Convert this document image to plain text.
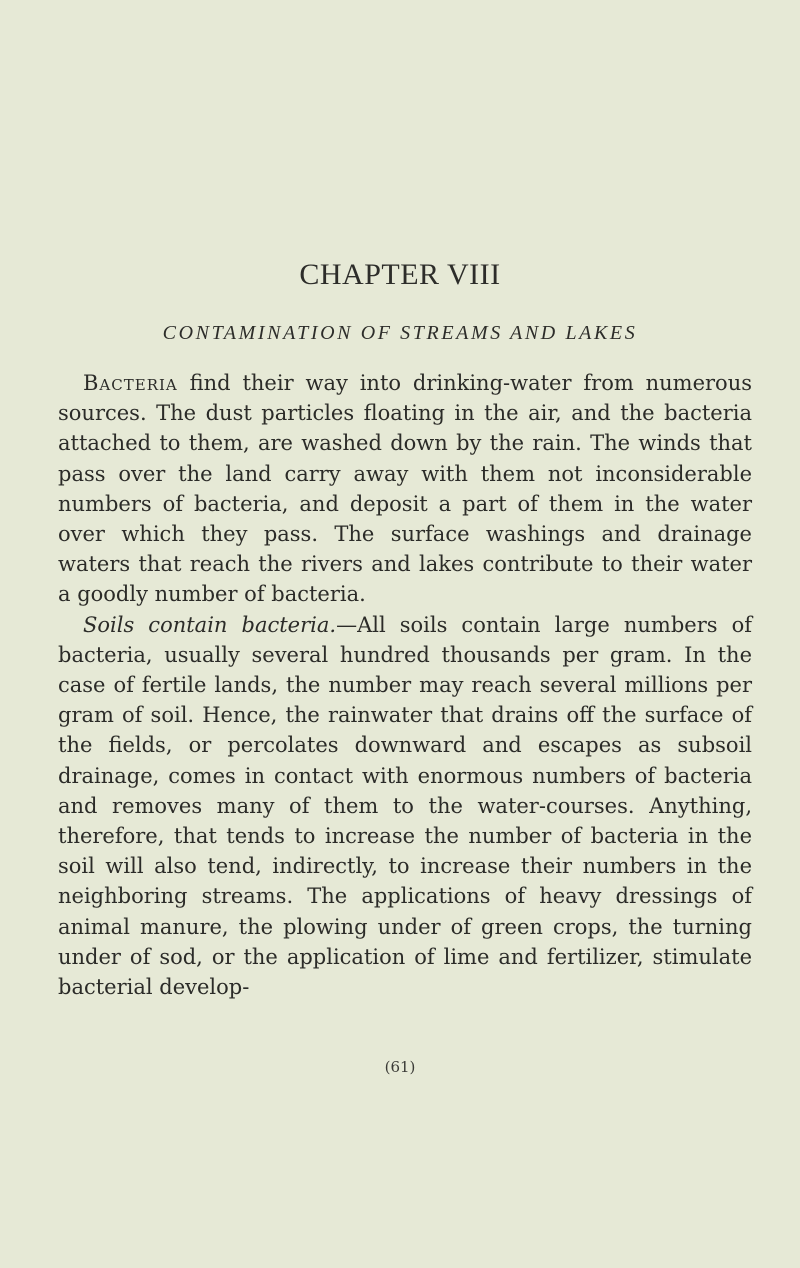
CHAPTER VIII
CONTAMINATION OF STREAMS AND LAKES

Bacteria find their way into drinking-water from numerous sources. The dust particles floating in the air, and the bacteria attached to them, are washed down by the rain. The winds that pass over the land carry away with them not inconsiderable numbers of bacteria, and deposit a part of them in the water over which they pass. The surface washings and drainage waters that reach the rivers and lakes contribute to their water a goodly number of bacteria.

Soils contain bacteria.—All soils contain large numbers of bacteria, usually several hundred thousands per gram. In the case of fertile lands, the number may reach several millions per gram of soil. Hence, the rainwater that drains off the surface of the fields, or percolates downward and escapes as subsoil drainage, comes in contact with enormous numbers of bacteria and removes many of them to the water-courses. Anything, therefore, that tends to increase the number of bacteria in the soil will also tend, indirectly, to increase their numbers in the neighboring streams. The applications of heavy dressings of animal manure, the plowing under of green crops, the turning under of sod, or the application of lime and fertilizer, stimulate bacterial develop-

(61)
